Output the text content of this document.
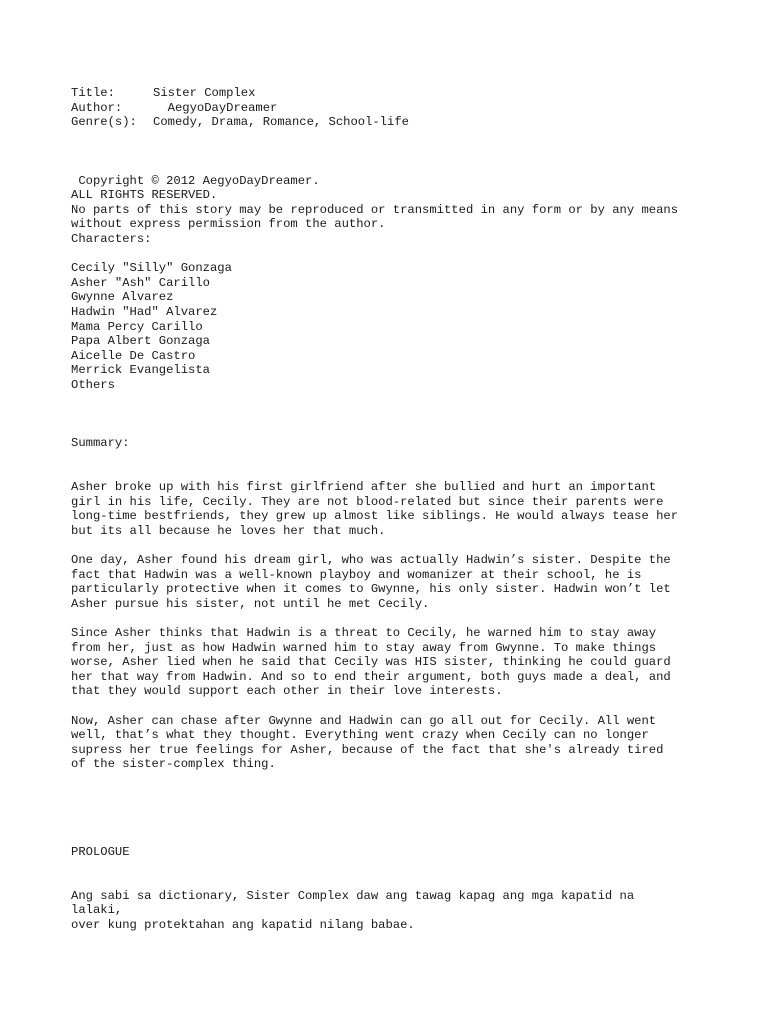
Title:	Sister Complex
Author:	AegyoDayDreamer
Genre(s): Comedy, Drama, Romance, School-life
Copyright © 2012 AegyoDayDreamer.
ALL RIGHTS RESERVED.
No parts of this story may be reproduced or transmitted in any form or by any means
without express permission from the author.
Characters:
Cecily "Silly" Gonzaga
Asher "Ash" Carillo
Gwynne Alvarez
Hadwin "Had" Alvarez
Mama Percy Carillo
Papa Albert Gonzaga
Aicelle De Castro
Merrick Evangelista
Others
Summary:

Asher broke up with his first girlfriend after she bullied and hurt an important
girl in his life, Cecily. They are not blood-related but since their parents were
long-time bestfriends, they grew up almost like siblings. He would always tease her
but its all because he loves her that much.

One day, Asher found his dream girl, who was actually Hadwin’s sister. Despite the
fact that Hadwin was a well-known playboy and womanizer at their school, he is
particularly protective when it comes to Gwynne, his only sister. Hadwin won’t let
Asher pursue his sister, not until he met Cecily.

Since Asher thinks that Hadwin is a threat to Cecily, he warned him to stay away
from her, just as how Hadwin warned him to stay away from Gwynne. To make things
worse, Asher lied when he said that Cecily was HIS sister, thinking he could guard
her that way from Hadwin. And so to end their argument, both guys made a deal, and
that they would support each other in their love interests.

Now, Asher can chase after Gwynne and Hadwin can go all out for Cecily. All went
well, that’s what they thought. Everything went crazy when Cecily can no longer
supress her true feelings for Asher, because of the fact that she's already tired
of the sister-complex thing.

PROLOGUE

Ang sabi sa dictionary, Sister Complex daw ang tawag kapag ang mga kapatid na
lalaki,
over kung protektahan ang kapatid nilang babae.
